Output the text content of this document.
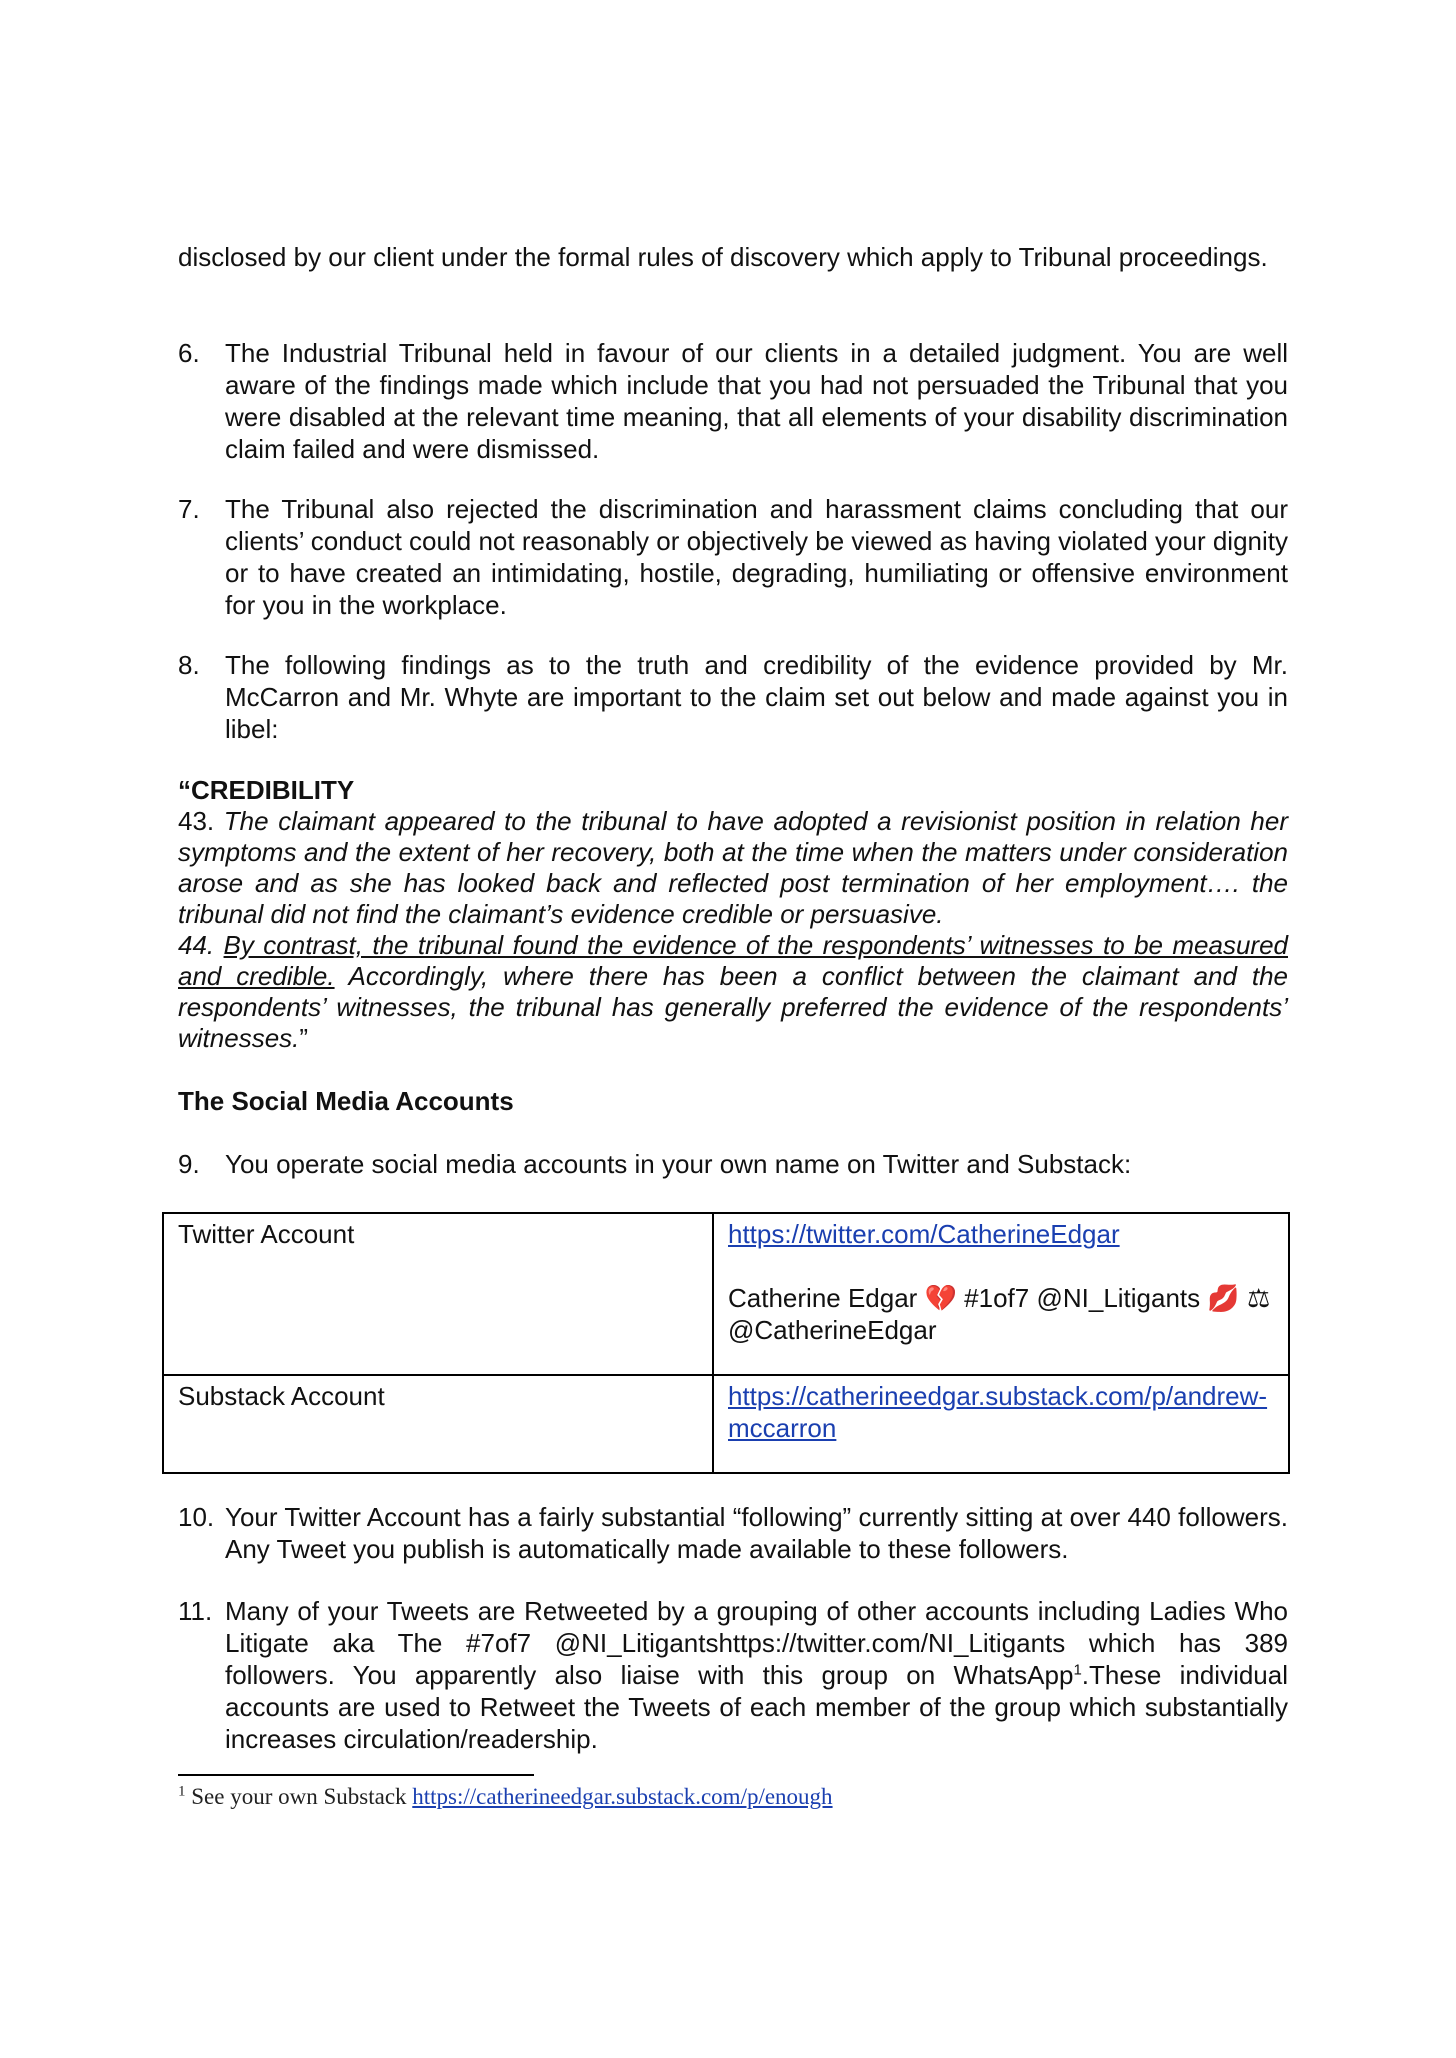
disclosed by our client under the formal rules of discovery which apply to Tribunal proceedings.

6. The Industrial Tribunal held in favour of our clients in a detailed judgment. You are well aware of the findings made which include that you had not persuaded the Tribunal that you were disabled at the relevant time meaning, that all elements of your disability discrimination claim failed and were dismissed.
7. The Tribunal also rejected the discrimination and harassment claims concluding that our clients’ conduct could not reasonably or objectively be viewed as having violated your dignity or to have created an intimidating, hostile, degrading, humiliating or offensive environment for you in the workplace.
8. The following findings as to the truth and credibility of the evidence provided by Mr. McCarron and Mr. Whyte are important to the claim set out below and made against you in libel:
“CREDIBILITY

43. The claimant appeared to the tribunal to have adopted a revisionist position in relation her symptoms and the extent of her recovery, both at the time when the matters under consideration arose and as she has looked back and reflected post termination of her employment…. the tribunal did not find the claimant’s evidence credible or persuasive.

44. By contrast, the tribunal found the evidence of the respondents’ witnesses to be measured and credible. Accordingly, where there has been a conflict between the claimant and the respondents’ witnesses, the tribunal has generally preferred the evidence of the respondents’ witnesses.”

The Social Media Accounts
9. You operate social media accounts in your own name on Twitter and Substack:
Twitter Account	https://twitter.com/CatherineEdgar
Catherine Edgar 💔 #1of7 @NI_Litigants 💋 ⚖
@CatherineEdgar

Substack Account	https://catherineedgar.substack.com/p/andrew-mccarron
10. Your Twitter Account has a fairly substantial “following” currently sitting at over 440 followers. Any Tweet you publish is automatically made available to these followers.
11. Many of your Tweets are Retweeted by a grouping of other accounts including Ladies Who Litigate aka The #7of7 @NI_Litigantshttps://twitter.com/NI_Litigants which has 389 followers. You apparently also liaise with this group on WhatsApp$^1$.These individual accounts are used to Retweet the Tweets of each member of the group which substantially increases circulation/readership.
$^1$ See your own Substack https://catherineedgar.substack.com/p/enough
